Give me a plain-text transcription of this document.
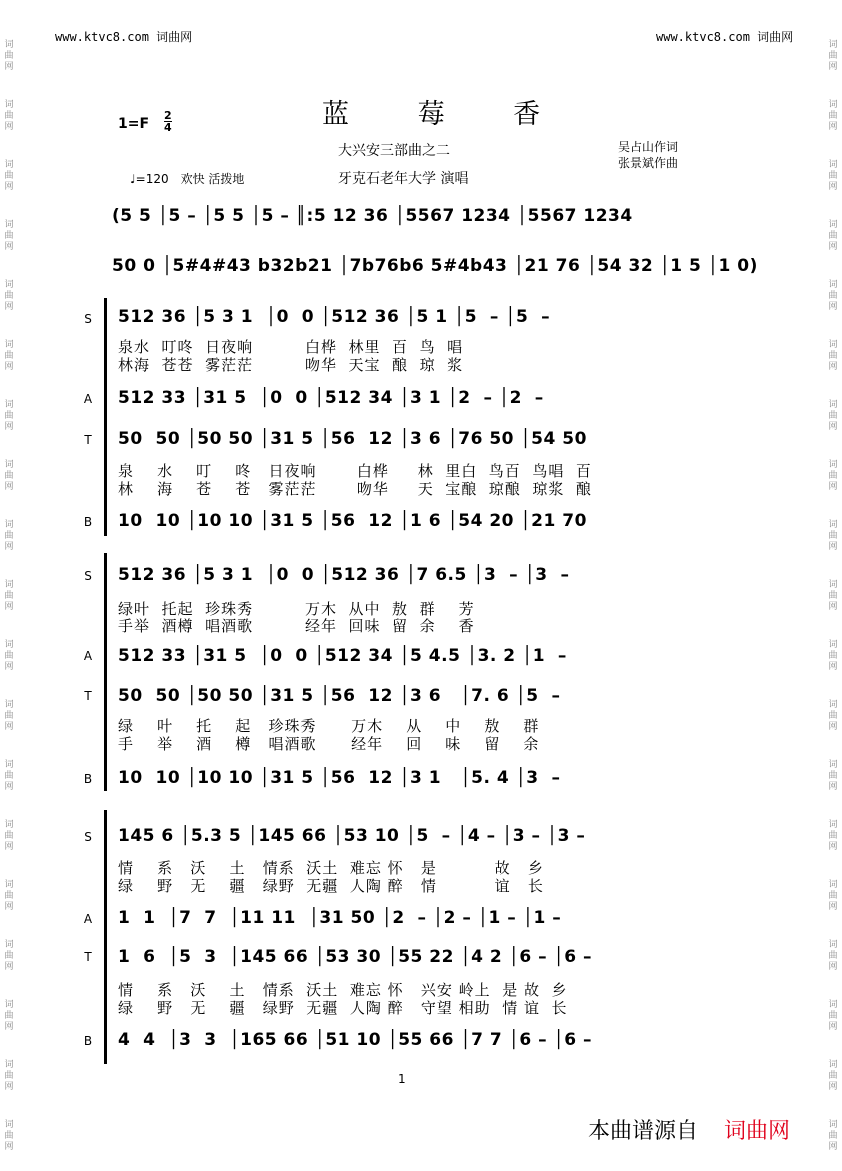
www.ktvc8.com 词曲网	www.ktvc8.com 词曲网
词
曲
网
词
曲
网
词
曲
网
词
曲
网
词
曲
网
词
曲
网
词
曲
网
词
曲
网
词
曲
网
词
曲
网
词
曲
网
词
曲
网
词
曲
网
词
曲
网
词
曲
网
词
曲
网
词
曲
网
词
曲
网
词
曲
网
词
曲
网
词
曲
网
词
曲
网
词
曲
网
词
曲
网
词
曲
网
词
曲
网
词
曲
网
词
曲
网
词
曲
网
词
曲
网
词
曲
网
词
曲
网
词
曲
网
词
曲
网
词
曲
网
词
曲
网
词
曲
网
词
曲
网
蓝 莓 香
1=F
2
4
大兴安三部曲之二	吴占山作词
张景斌作曲
♩=120　欢快 活拨地	牙克石老年大学 演唱
(5 5 │5 – │5 5 │5 – ║:5 12 36 │5567 1234 │5567 1234
50 0 │5#4#43 b32b21 │7b76b6 5#4b43 │21 76 │54 32 │1 5 │1 0)
S 512 36 │5 3 1  │0  0 │512 36 │5 1 │5  – │5  –
泉水  叮咚  日夜响         白桦  林里  百  鸟  唱
林海  苍苍  雾茫茫         吻华  天宝  酿  琼  浆
A 512 33 │31 5  │0  0 │512 34 │3 1 │2  – │2  –
T 50  50 │50 50 │31 5 │56  12 │3 6 │76 50 │54 50
泉    水    叮    咚   日夜响       白桦     林  里白  鸟百  鸟唱  百
林    海    苍    苍   雾茫茫       吻华     天  宝酿  琼酿  琼浆  酿
B 10  10 │10 10 │31 5 │56  12 │1 6 │54 20 │21 70
S 512 36 │5 3 1  │0  0 │512 36 │7 6.5 │3  – │3  –
绿叶  托起  珍珠秀         万木  从中  敖  群    芳
手举  酒樽  唱酒歌         经年  回味  留  余    香
A 512 33 │31 5  │0  0 │512 34 │5 4.5 │3. 2 │1  –
T 50  50 │50 50 │31 5 │56  12 │3 6   │7. 6 │5  –
绿    叶    托    起   珍珠秀      万木    从    中    敖    群
手    举    酒    樽   唱酒歌      经年    回    味    留    余
B 10  10 │10 10 │31 5 │56  12 │3 1   │5. 4 │3  –
S 145 6 │5.3 5 │145 66 │53 10 │5  – │4 – │3 – │3 –
情    系   沃    土   情系  沃土  难忘 怀   是          故   乡
绿    野   无    疆   绿野  无疆  人陶 醉   情          谊   长
A 1  1  │7  7  │11 11  │31 50 │2  – │2 – │1 – │1 –
T 1  6  │5  3  │145 66 │53 30 │55 22 │4 2 │6 – │6 –
情    系   沃    土   情系  沃土  难忘 怀   兴安 岭上  是 故  乡
绿    野   无    疆   绿野  无疆  人陶 醉   守望 相助  情 谊  长
B 4  4  │3  3  │165 66 │51 10 │55 66 │7 7 │6 – │6 –
1
本曲谱源自 词曲网
